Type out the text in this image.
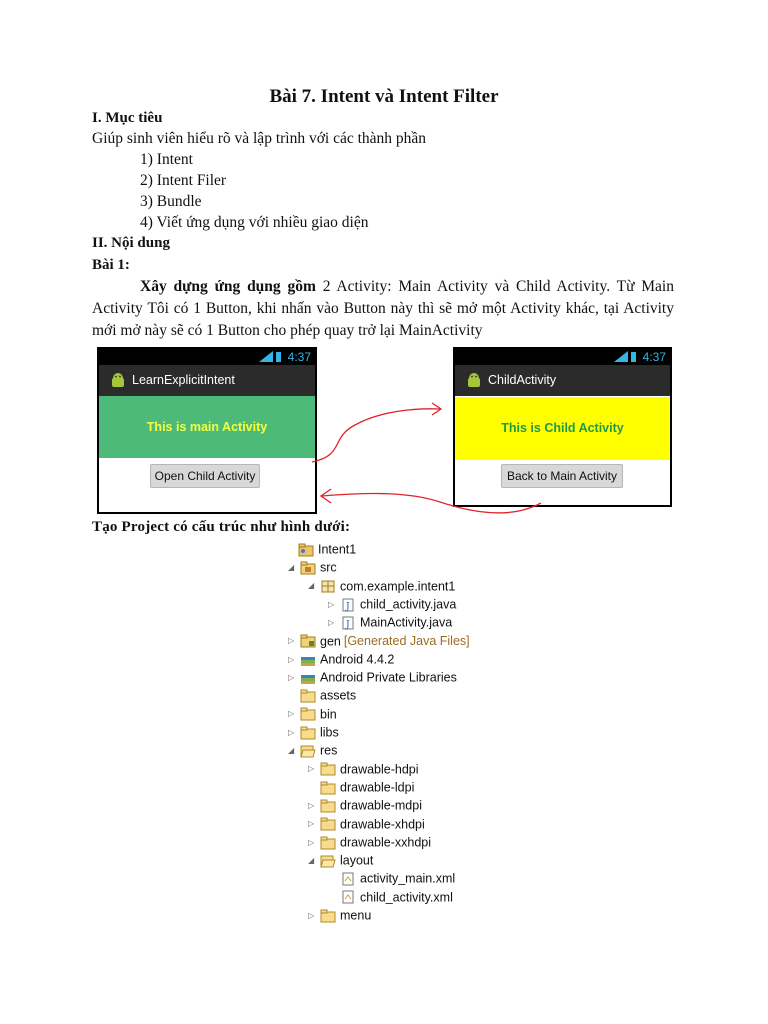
Bài 7. Intent và Intent Filter
I. Mục tiêu
Giúp sinh viên hiểu rõ và lập trình với các thành phần
1) Intent
2) Intent Filer
3) Bundle
4) Viết ứng dụng với nhiều giao diện
II. Nội dung
Bài 1:
Xây dựng ứng dụng gồm 2 Activity: Main Activity và Child Activity. Từ Main Activity Tôi có 1 Button, khi nhấn vào Button này thì sẽ mở một Activity khác, tại Activity mới mở này sẽ có 1 Button cho phép quay trở lại MainActivity
4:37
LearnExplicitIntent
This is main Activity
Open Child Activity
4:37
ChildActivity
This is Child Activity
Back to Main Activity
Tạo Project có cấu trúc như hình dưới:
Intent1
◢ src
◢ com.example.intent1
▷ J child_activity.java
▷ J MainActivity.java
▷ gen [Generated Java Files]
▷ Android 4.4.2
▷ Android Private Libraries
assets
▷ bin
▷ libs
◢ res
▷ drawable-hdpi
drawable-ldpi
▷ drawable-mdpi
▷ drawable-xhdpi
▷ drawable-xxhdpi
◢ layout
activity_main.xml
child_activity.xml
▷ menu
